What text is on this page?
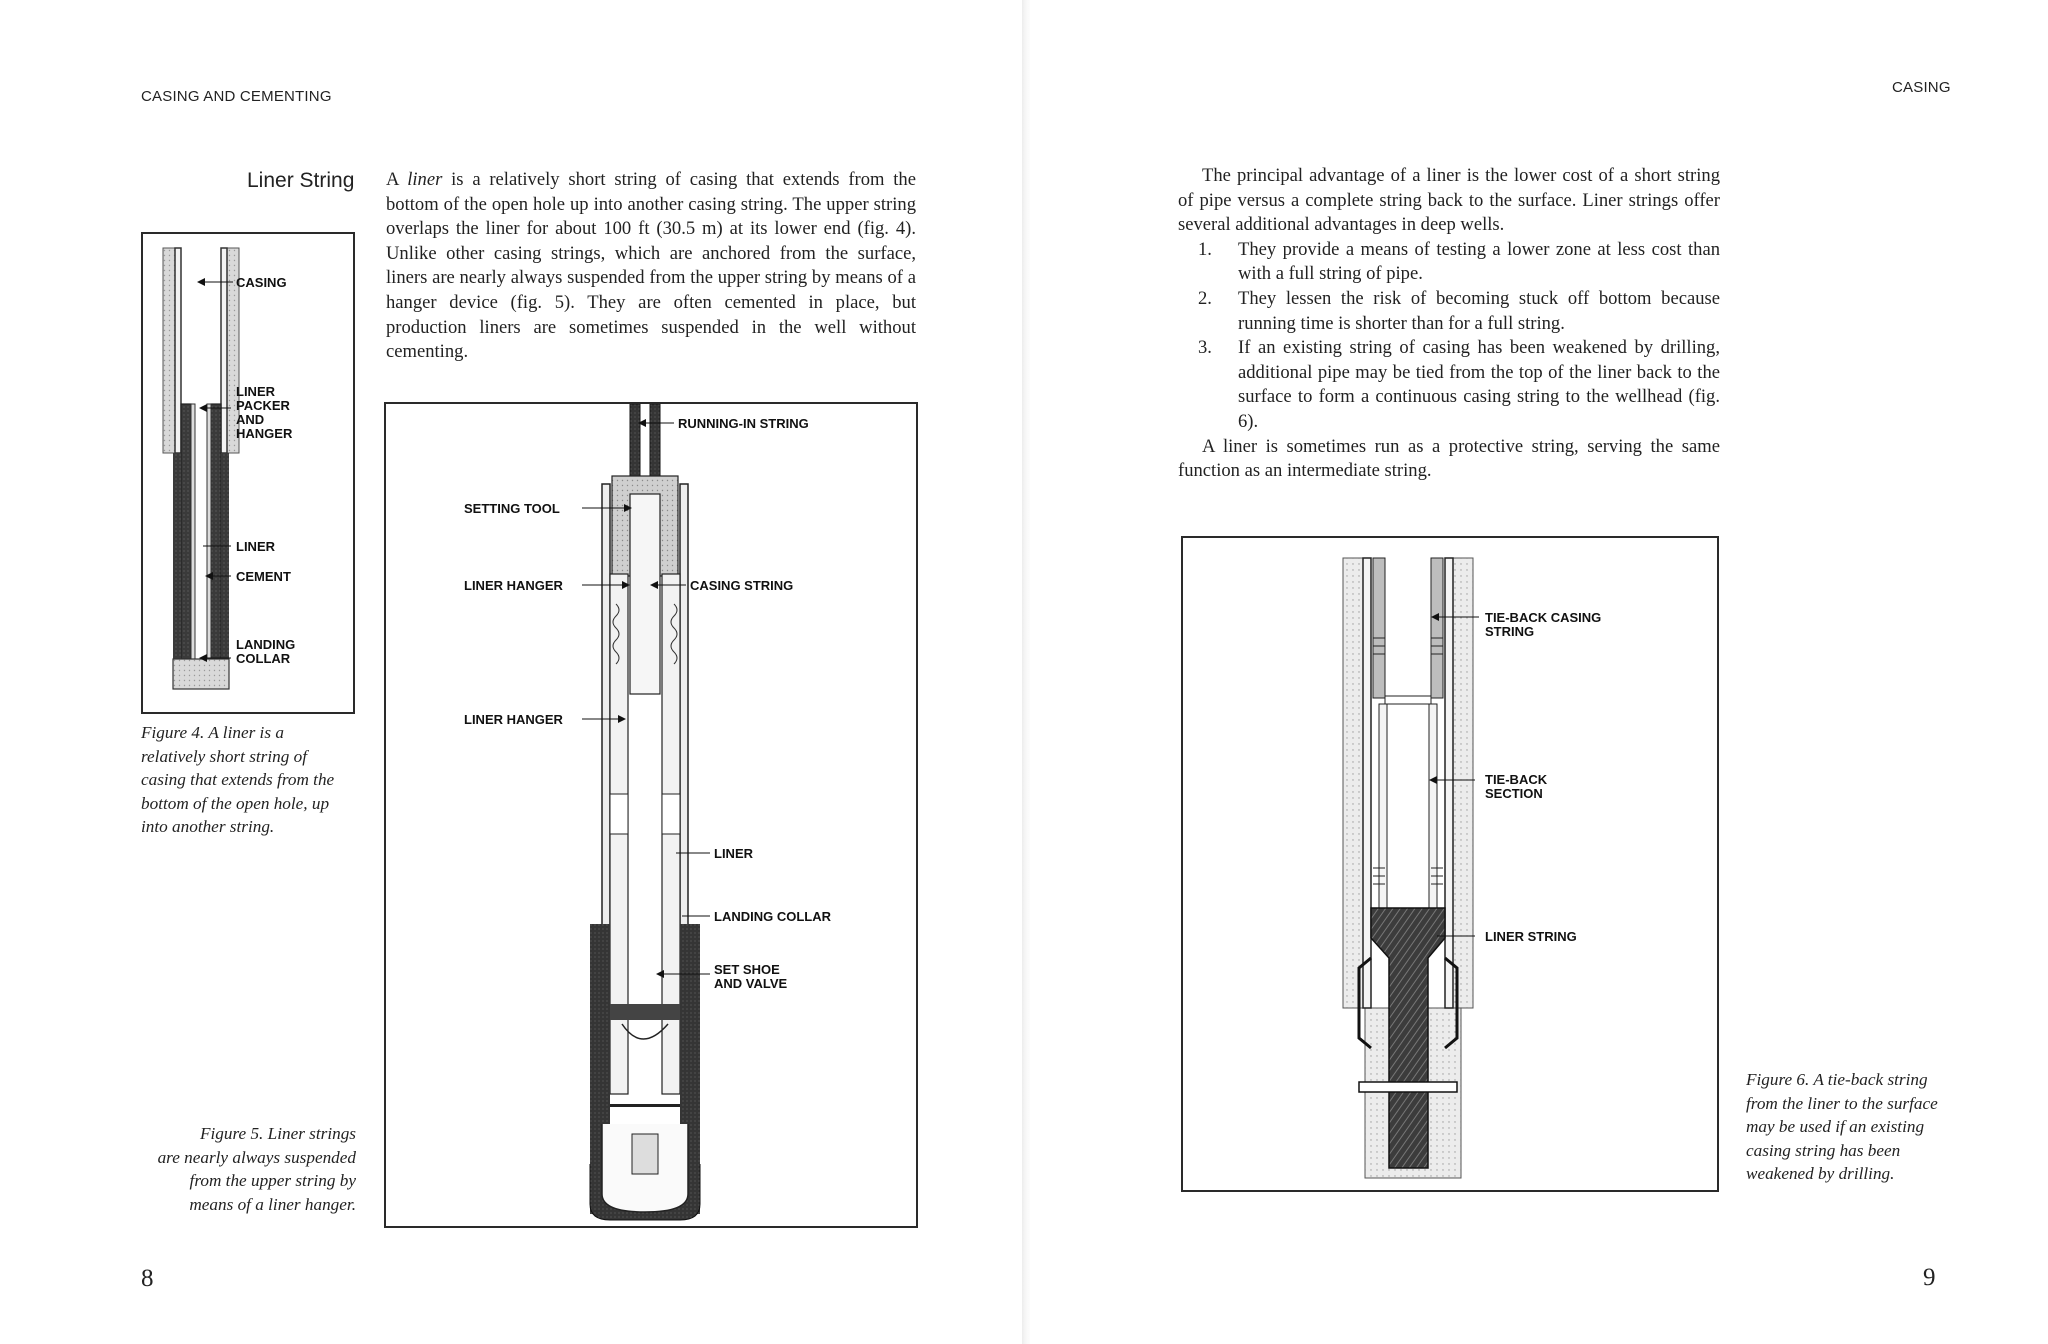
CASING AND CEMENTING
Liner String A liner is a relatively short string of casing that extends from the bottom of the open hole up into another casing string. The upper string overlaps the liner for about 100 ft (30.5 m) at its lower end (fig. 4). Unlike other casing strings, which are anchored from the surface, liners are nearly always suspended from the upper string by means of a hanger device (fig. 5). They are often cemented in place, but production liners are sometimes suspended in the well without cementing.

CASING
LINER
PACKER
AND
HANGER
LINER
CEMENT
LANDING
COLLAR
Figure 4. A liner is a
relatively short string of
casing that extends from the
bottom of the open hole, up
into another string.
RUNNING-IN STRING
SETTING TOOL
LINER HANGER	CASING STRING
LINER HANGER
LINER
LANDING COLLAR
SET SHOE
AND VALVE
Figure 5. Liner strings
are nearly always suspended
from the upper string by
means of a liner hanger.
8
CASING

The principal advantage of a liner is the lower cost of a short string of pipe versus a complete string back to the surface. Liner strings offer several additional advantages in deep wells.

1. They provide a means of testing a lower zone at less cost than with a full string of pipe.
2. They lessen the risk of becoming stuck off bottom because running time is shorter than for a full string.
3. If an existing string of casing has been weakened by drilling, additional pipe may be tied from the top of the liner back to the surface to form a continuous casing string to the wellhead (fig. 6).

A liner is sometimes run as a protective string, serving the same function as an intermediate string.

TIE-BACK CASING
STRING
TIE-BACK
SECTION
LINER STRING
Figure 6. A tie-back string
from the liner to the surface
may be used if an existing
casing string has been
weakened by drilling.
9
